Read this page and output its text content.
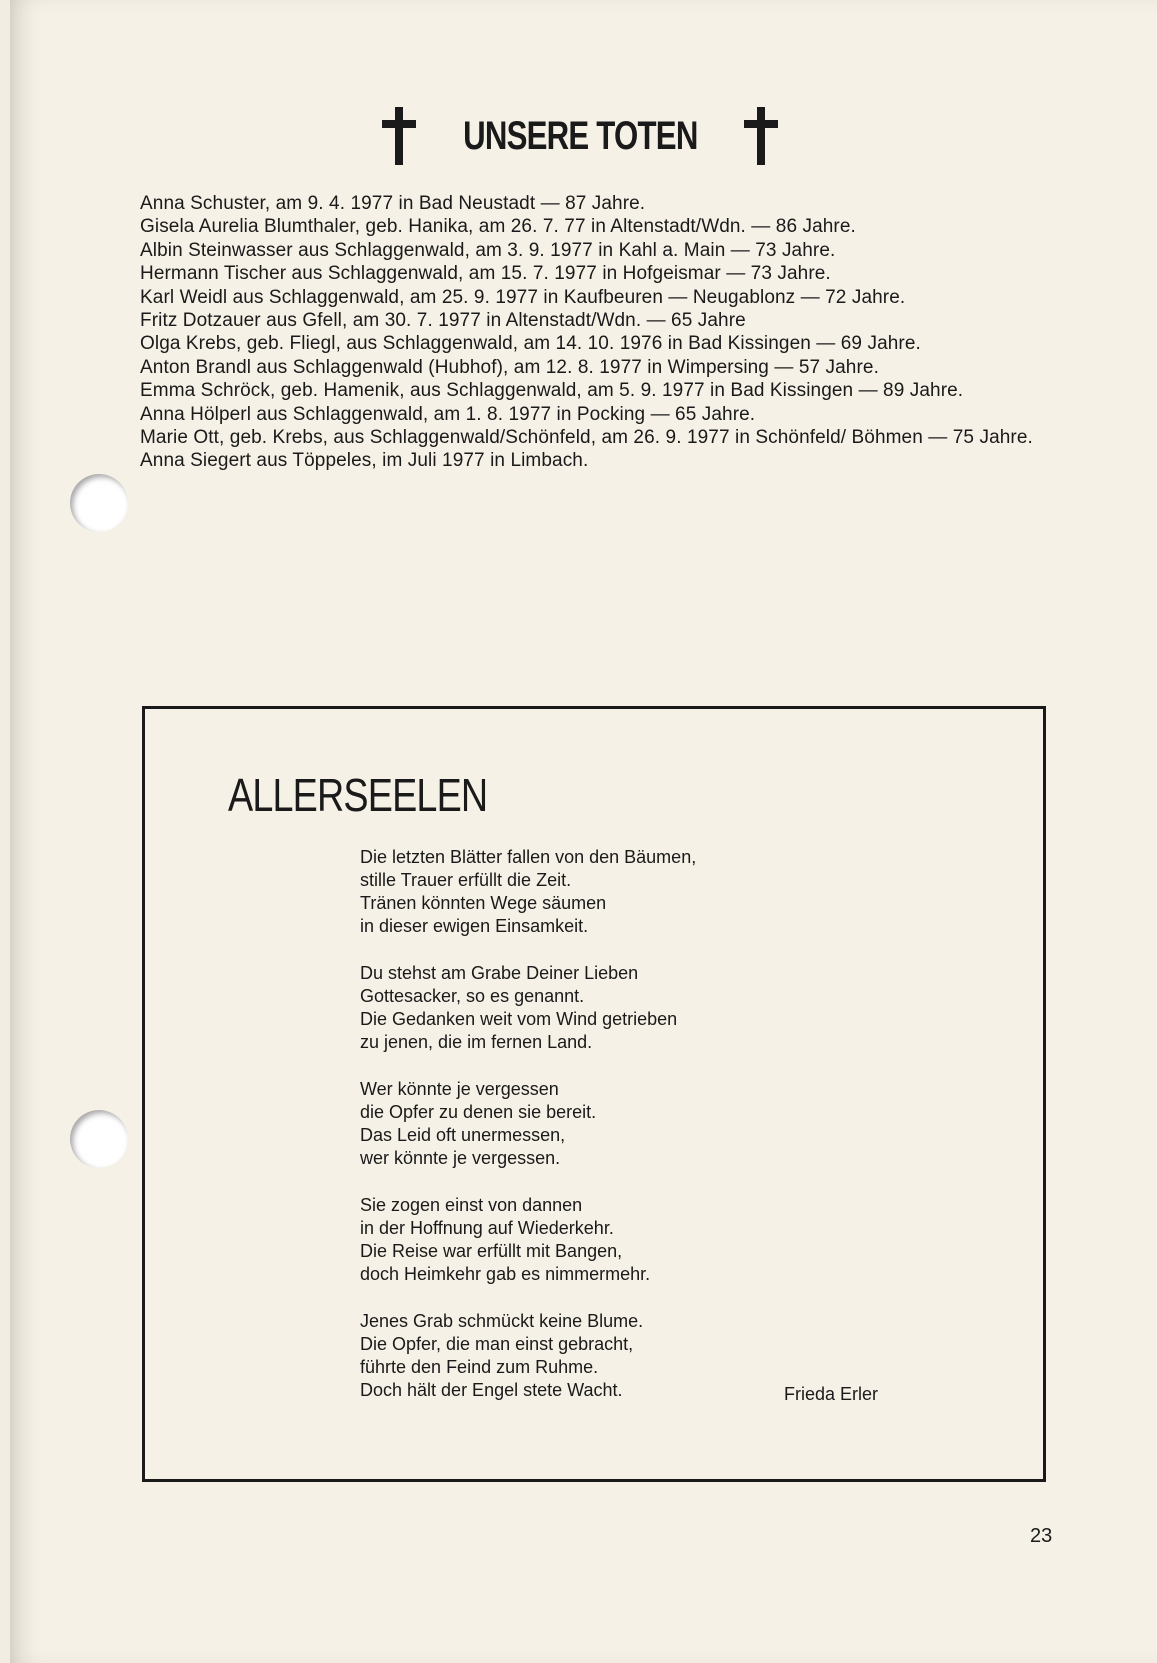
UNSERE TOTEN
Anna Schuster, am 9. 4. 1977 in Bad Neustadt — 87 Jahre.
Gisela Aurelia Blumthaler, geb. Hanika, am 26. 7. 77 in Altenstadt/Wdn. — 86 Jahre.
Albin Steinwasser aus Schlaggenwald, am 3. 9. 1977 in Kahl a. Main — 73 Jahre.
Hermann Tischer aus Schlaggenwald, am 15. 7. 1977 in Hofgeismar — 73 Jahre.
Karl Weidl aus Schlaggenwald, am 25. 9. 1977 in Kaufbeuren — Neugablonz — 72 Jahre.
Fritz Dotzauer aus Gfell, am 30. 7. 1977 in Altenstadt/Wdn. — 65 Jahre
Olga Krebs, geb. Fliegl, aus Schlaggenwald, am 14. 10. 1976 in Bad Kissingen — 69 Jahre.
Anton Brandl aus Schlaggenwald (Hubhof), am 12. 8. 1977 in Wimpersing — 57 Jahre.
Emma Schröck, geb. Hamenik, aus Schlaggenwald, am 5. 9. 1977 in Bad Kissingen — 89 Jahre.
Anna Hölperl aus Schlaggenwald, am 1. 8. 1977 in Pocking — 65 Jahre.
Marie Ott, geb. Krebs, aus Schlaggenwald/Schönfeld, am 26. 9. 1977 in Schönfeld/ Böhmen — 75 Jahre.
Anna Siegert aus Töppeles, im Juli 1977 in Limbach.
ALLERSEELEN
Die letzten Blätter fallen von den Bäumen,
stille Trauer erfüllt die Zeit.
Tränen könnten Wege säumen
in dieser ewigen Einsamkeit.
Du stehst am Grabe Deiner Lieben
Gottesacker, so es genannt.
Die Gedanken weit vom Wind getrieben
zu jenen, die im fernen Land.
Wer könnte je vergessen
die Opfer zu denen sie bereit.
Das Leid oft unermessen,
wer könnte je vergessen.
Sie zogen einst von dannen
in der Hoffnung auf Wiederkehr.
Die Reise war erfüllt mit Bangen,
doch Heimkehr gab es nimmermehr.
Jenes Grab schmückt keine Blume.
Die Opfer, die man einst gebracht,
führte den Feind zum Ruhme.
Doch hält der Engel stete Wacht.	Frieda Erler
23
